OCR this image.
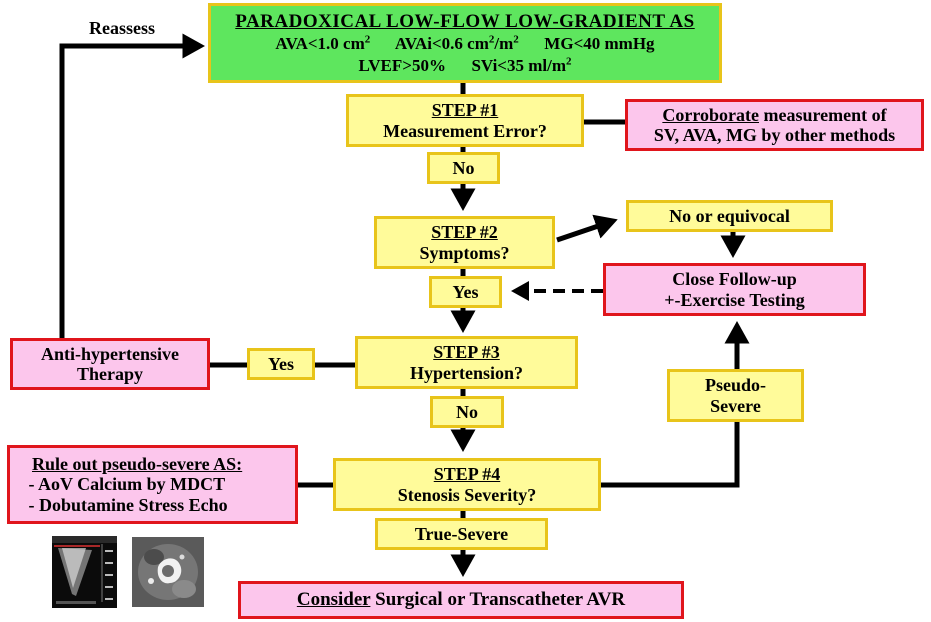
Reassess	PARADOXICAL LOW-FLOW LOW-GRADIENT AS
AVA<1.0 $cm^2$ AVAi<0.6 $cm^2/m^2$ MG<40 mmHg
LVEF>50% SVi<35 $ml/m^2$
STEP #1
Measurement Error?
Corroborate measurement of
SV, AVA, MG by other methods
No
STEP #2
Symptoms?
No or equivocal
Close Follow-up
+-Exercise Testing
Yes
Anti-hypertensive
Therapy
Yes
STEP #3
Hypertension?
No
Pseudo-
Severe
Rule out pseudo-severe AS:
- AoV Calcium by MDCT
- Dobutamine Stress Echo
STEP #4
Stenosis Severity?
True-Severe
Consider Surgical or Transcatheter AVR
